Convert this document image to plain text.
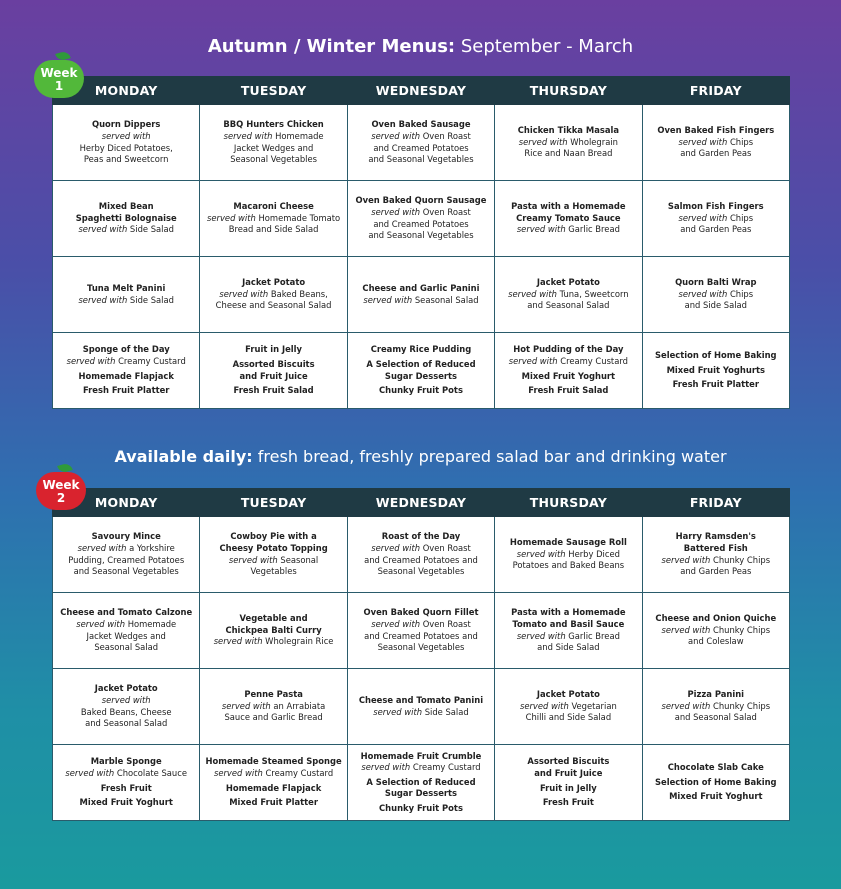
Autumn / Winter Menus: September - March
Week
1	MONDAY	TUESDAY	WEDNESDAY	THURSDAY	FRIDAY

Quorn Dippers
served with
Herby Diced Potatoes,
Peas and Sweetcorn	BBQ Hunters Chicken
served with Homemade
Jacket Wedges and
Seasonal Vegetables	Oven Baked Sausage
served with Oven Roast
and Creamed Potatoes
and Seasonal Vegetables	Chicken Tikka Masala
served with Wholegrain
Rice and Naan Bread	Oven Baked Fish Fingers
served with Chips
and Garden Peas

Mixed Bean
Spaghetti Bolognaise
served with Side Salad	Macaroni Cheese
served with Homemade Tomato
Bread and Side Salad	Oven Baked Quorn Sausage
served with Oven Roast
and Creamed Potatoes
and Seasonal Vegetables	Pasta with a Homemade
Creamy Tomato Sauce
served with Garlic Bread	Salmon Fish Fingers
served with Chips
and Garden Peas

Tuna Melt Panini
served with Side Salad	Jacket Potato
served with Baked Beans,
Cheese and Seasonal Salad	Cheese and Garlic Panini
served with Seasonal Salad	Jacket Potato
served with Tuna, Sweetcorn
and Seasonal Salad	Quorn Balti Wrap
served with Chips
and Side Salad

Sponge of the Day
served with Creamy Custard
Homemade Flapjack
Fresh Fruit Platter	Fruit in Jelly
Assorted Biscuits
and Fruit Juice
Fresh Fruit Salad	Creamy Rice Pudding
A Selection of Reduced
Sugar Desserts
Chunky Fruit Pots	Hot Pudding of the Day
served with Creamy Custard
Mixed Fruit Yoghurt
Fresh Fruit Salad	Selection of Home Baking
Mixed Fruit Yoghurts
Fresh Fruit Platter
Available daily: fresh bread, freshly prepared salad bar and drinking water
Week
2	MONDAY	TUESDAY	WEDNESDAY	THURSDAY	FRIDAY

Savoury Mince
served with a Yorkshire
Pudding, Creamed Potatoes
and Seasonal Vegetables	Cowboy Pie with a
Cheesy Potato Topping
served with Seasonal
Vegetables	Roast of the Day
served with Oven Roast
and Creamed Potatoes and
Seasonal Vegetables	Homemade Sausage Roll
served with Herby Diced
Potatoes and Baked Beans	Harry Ramsden's
Battered Fish
served with Chunky Chips
and Garden Peas

Cheese and Tomato Calzone
served with Homemade
Jacket Wedges and
Seasonal Salad	Vegetable and
Chickpea Balti Curry
served with Wholegrain Rice	Oven Baked Quorn Fillet
served with Oven Roast
and Creamed Potatoes and
Seasonal Vegetables	Pasta with a Homemade
Tomato and Basil Sauce
served with Garlic Bread
and Side Salad	Cheese and Onion Quiche
served with Chunky Chips
and Coleslaw

Jacket Potato
served with
Baked Beans, Cheese
and Seasonal Salad	Penne Pasta
served with an Arrabiata
Sauce and Garlic Bread	Cheese and Tomato Panini
served with Side Salad	Jacket Potato
served with Vegetarian
Chilli and Side Salad	Pizza Panini
served with Chunky Chips
and Seasonal Salad

Marble Sponge
served with Chocolate Sauce
Fresh Fruit
Mixed Fruit Yoghurt	Homemade Steamed Sponge
served with Creamy Custard
Homemade Flapjack
Mixed Fruit Platter	Homemade Fruit Crumble
served with Creamy Custard
A Selection of Reduced
Sugar Desserts
Chunky Fruit Pots	Assorted Biscuits
and Fruit Juice
Fruit in Jelly
Fresh Fruit	Chocolate Slab Cake
Selection of Home Baking
Mixed Fruit Yoghurt
